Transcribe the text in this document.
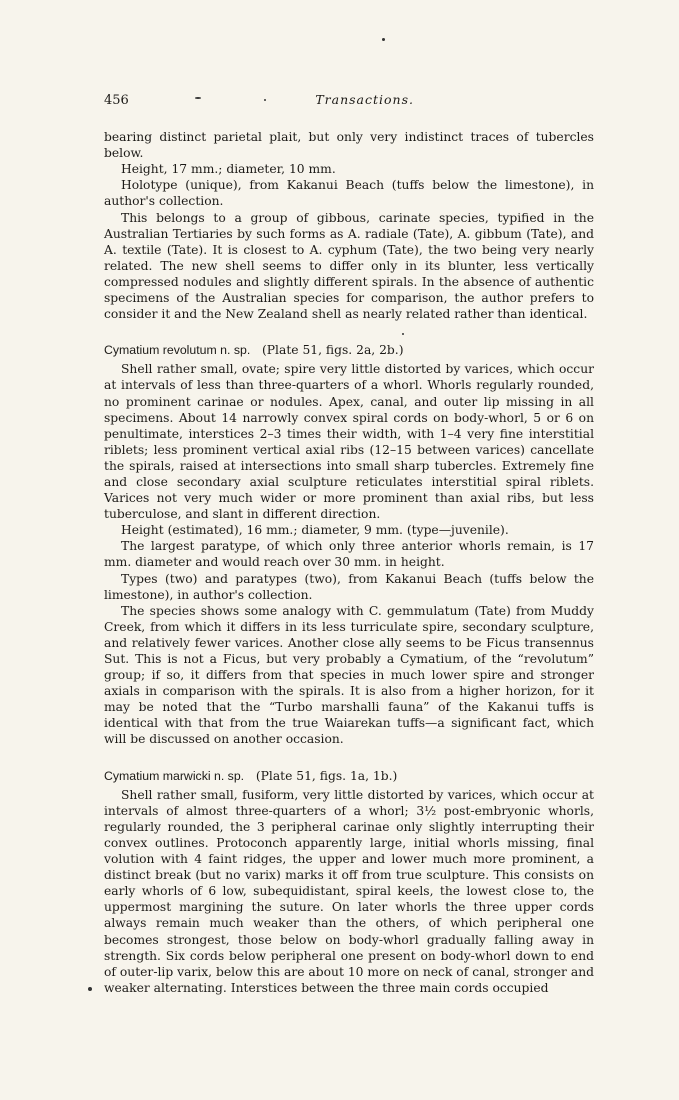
456	Transactions.

bearing distinct parietal plait, but only very indistinct traces of tubercles below.

Height, 17 mm.; diameter, 10 mm.

Holotype (unique), from Kakanui Beach (tuffs below the limestone), in author's collection.

This belongs to a group of gibbous, carinate species, typified in the Australian Tertiaries by such forms as A. radiale (Tate), A. gibbum (Tate), and A. textile (Tate). It is closest to A. cyphum (Tate), the two being very nearly related. The new shell seems to differ only in its blunter, less vertically compressed nodules and slightly different spirals. In the absence of authentic specimens of the Australian species for comparison, the author prefers to consider it and the New Zealand shell as nearly related rather than identical.

Cymatium revolutum n. sp. (Plate 51, figs. 2a, 2b.)

Shell rather small, ovate; spire very little distorted by varices, which occur at intervals of less than three-quarters of a whorl. Whorls regularly rounded, no prominent carinae or nodules. Apex, canal, and outer lip missing in all specimens. About 14 narrowly convex spiral cords on body-whorl, 5 or 6 on penultimate, interstices 2–3 times their width, with 1–4 very fine interstitial riblets; less prominent vertical axial ribs (12–15 between varices) cancellate the spirals, raised at intersections into small sharp tubercles. Extremely fine and close secondary axial sculpture reticulates interstitial spiral riblets. Varices not very much wider or more prominent than axial ribs, but less tuberculose, and slant in different direction.

Height (estimated), 16 mm.; diameter, 9 mm. (type—juvenile).

The largest paratype, of which only three anterior whorls remain, is 17 mm. diameter and would reach over 30 mm. in height.

Types (two) and paratypes (two), from Kakanui Beach (tuffs below the limestone), in author's collection.

The species shows some analogy with C. gemmulatum (Tate) from Muddy Creek, from which it differs in its less turriculate spire, secondary sculpture, and relatively fewer varices. Another close ally seems to be Ficus transennus Sut. This is not a Ficus, but very probably a Cymatium, of the “revolutum” group; if so, it differs from that species in much lower spire and stronger axials in comparison with the spirals. It is also from a higher horizon, for it may be noted that the “Turbo marshalli fauna” of the Kakanui tuffs is identical with that from the true Waiarekan tuffs—a significant fact, which will be discussed on another occasion.

Cymatium marwicki n. sp. (Plate 51, figs. 1a, 1b.)

Shell rather small, fusiform, very little distorted by varices, which occur at intervals of almost three-quarters of a whorl; 3½ post-embryonic whorls, regularly rounded, the 3 peripheral carinae only slightly interrupting their convex outlines. Protoconch apparently large, initial whorls missing, final volution with 4 faint ridges, the upper and lower much more prominent, a distinct break (but no varix) marks it off from true sculpture. This consists on early whorls of 6 low, subequidistant, spiral keels, the lowest close to, the uppermost margining the suture. On later whorls the three upper cords always remain much weaker than the others, of which peripheral one becomes strongest, those below on body-whorl gradually falling away in strength. Six cords below peripheral one present on body-whorl down to end of outer-lip varix, below this are about 10 more on neck of canal, stronger and weaker alternating. Interstices between the three main cords occupied
